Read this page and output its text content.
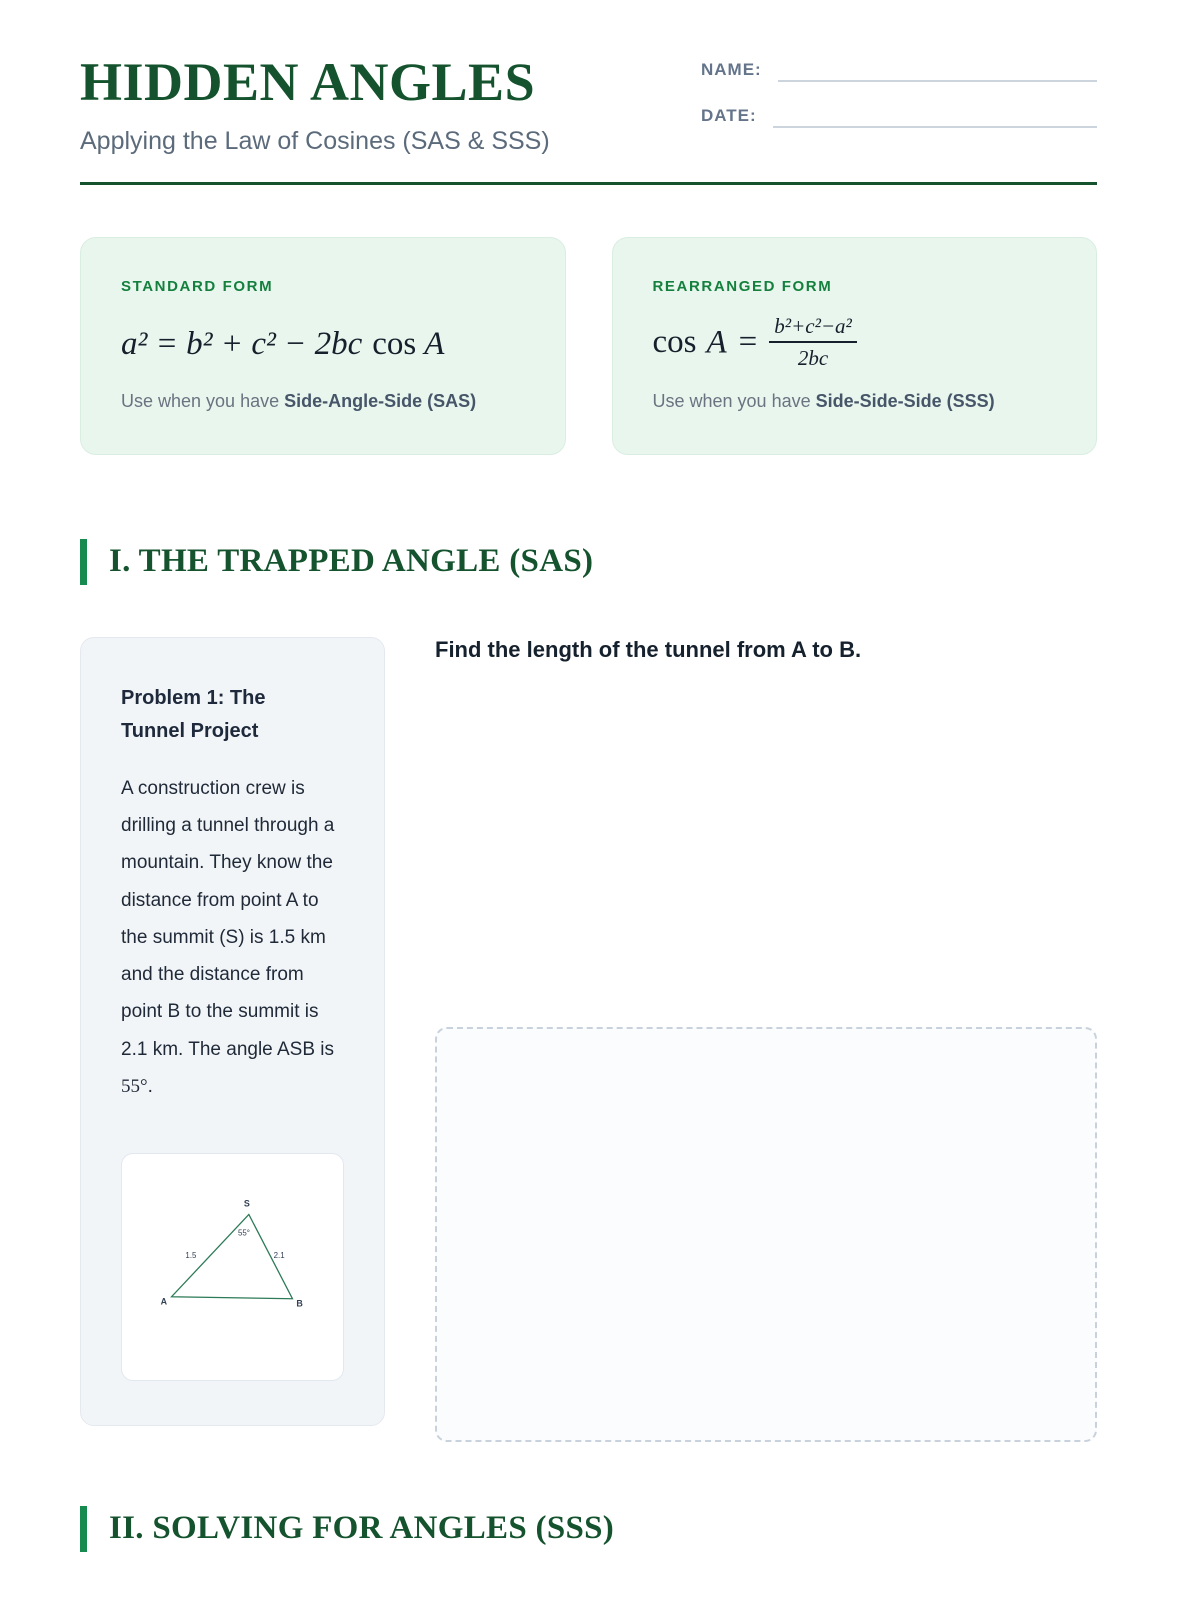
HIDDEN ANGLES
Applying the Law of Cosines (SAS & SSS)
NAME:
DATE:
STANDARD FORM
a² = b² + c² − 2bc cos A
Use when you have Side-Angle-Side (SAS)
REARRANGED FORM
$\cos A = \frac{\text{b²+c²−a²}}{2bc}$
Use when you have Side-Side-Side (SSS)
I. THE TRAPPED ANGLE (SAS)
Problem 1: The Tunnel Project
A construction crew is drilling a tunnel through a mountain. They know the distance from point A to the summit (S) is 1.5 km and the distance from point B to the summit is 2.1 km. The angle ASB is 55°.
S
55°
1.5	2.1
A	B
Find the length of the tunnel from A to B.
II. SOLVING FOR ANGLES (SSS)
